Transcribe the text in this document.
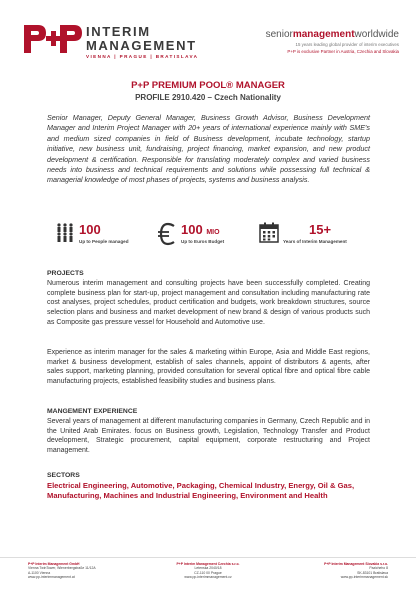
INTERIM
MANAGEMENT
VIENNA | PRAGUE | BRATISLAVA
seniormanagementworldwide
15 years leading global provider of interim executives
P+P is exclusive Partner in Austria, Czechia and Slovakia
P+P PREMIUM POOL® MANAGER
PROFILE 2910.420 – Czech Nationality
Senior Manager, Deputy General Manager, Business Growth Advisor, Business Development Manager and Interim Project Manager with 20+ years of international experience mainly with SME's and medium sized companies in field of Business development, incubate technology, startup initiative, new business unit, fundraising, project financing, market expansion, and new product development & certification. Responsible for translating moderately complex and varied business needs into business and technical requirements and solutions while possessing full technical & managerial knowledge of most phases of projects, systems and business analysis.
100
Up to People managed
100 MIO
Up to Euros Budget
15+
Years of Interim Management
PROJECTS
Numerous interim management and consulting projects have been successfully completed. Creating complete business plan for start-up, project management and consultation including manufacturing rate cost analyses, project schedules, product certification and budgets, work breakdown structures, source selection plans and business and market development of new brand & design of various products such as Composite gas pressure vessel for Household and Automotive use.
Experience as interim manager for the sales & marketing within Europe, Asia and Middle East regions, market & business development, establish of sales channels, appoint of distributors & agents, after sales support, marketing planning, provided consultation for several optical fibre and optical fibre cable manufacturing projects, established feasibility studies and business plans.
MANGEMENT EXPERIENCE
Several years of management at different manufacturing companies in Germany, Czech Republic and in the United Arab Emirates. focus on Business growth, Legislation, Technology Transfer and Product development, Strategic procurement, capital equipment, corporate restructuring and Project management.
SECTORS
Electrical Engineering, Automotive, Packaging, Chemical Industry, Energy, Oil & Gas, Manufacturing, Machines and Industrial Engineering, Environment and Health
P+P Interim Management GmbH
Vienna TwinTower, Wienerbergstraße 11/12A
A-1100 Vienna
www.pp-interimmanagement.at
P+P Interim Management Czechia s.r.o.
Letenska 2040/18
CZ-110 00 Prague
www.pp-interimmanagement.cz
P+P Interim Management Slovakia s.r.o.
Pazicheho 8
SK-83101 Bratislava
www.pp-interimmanagement.sk
